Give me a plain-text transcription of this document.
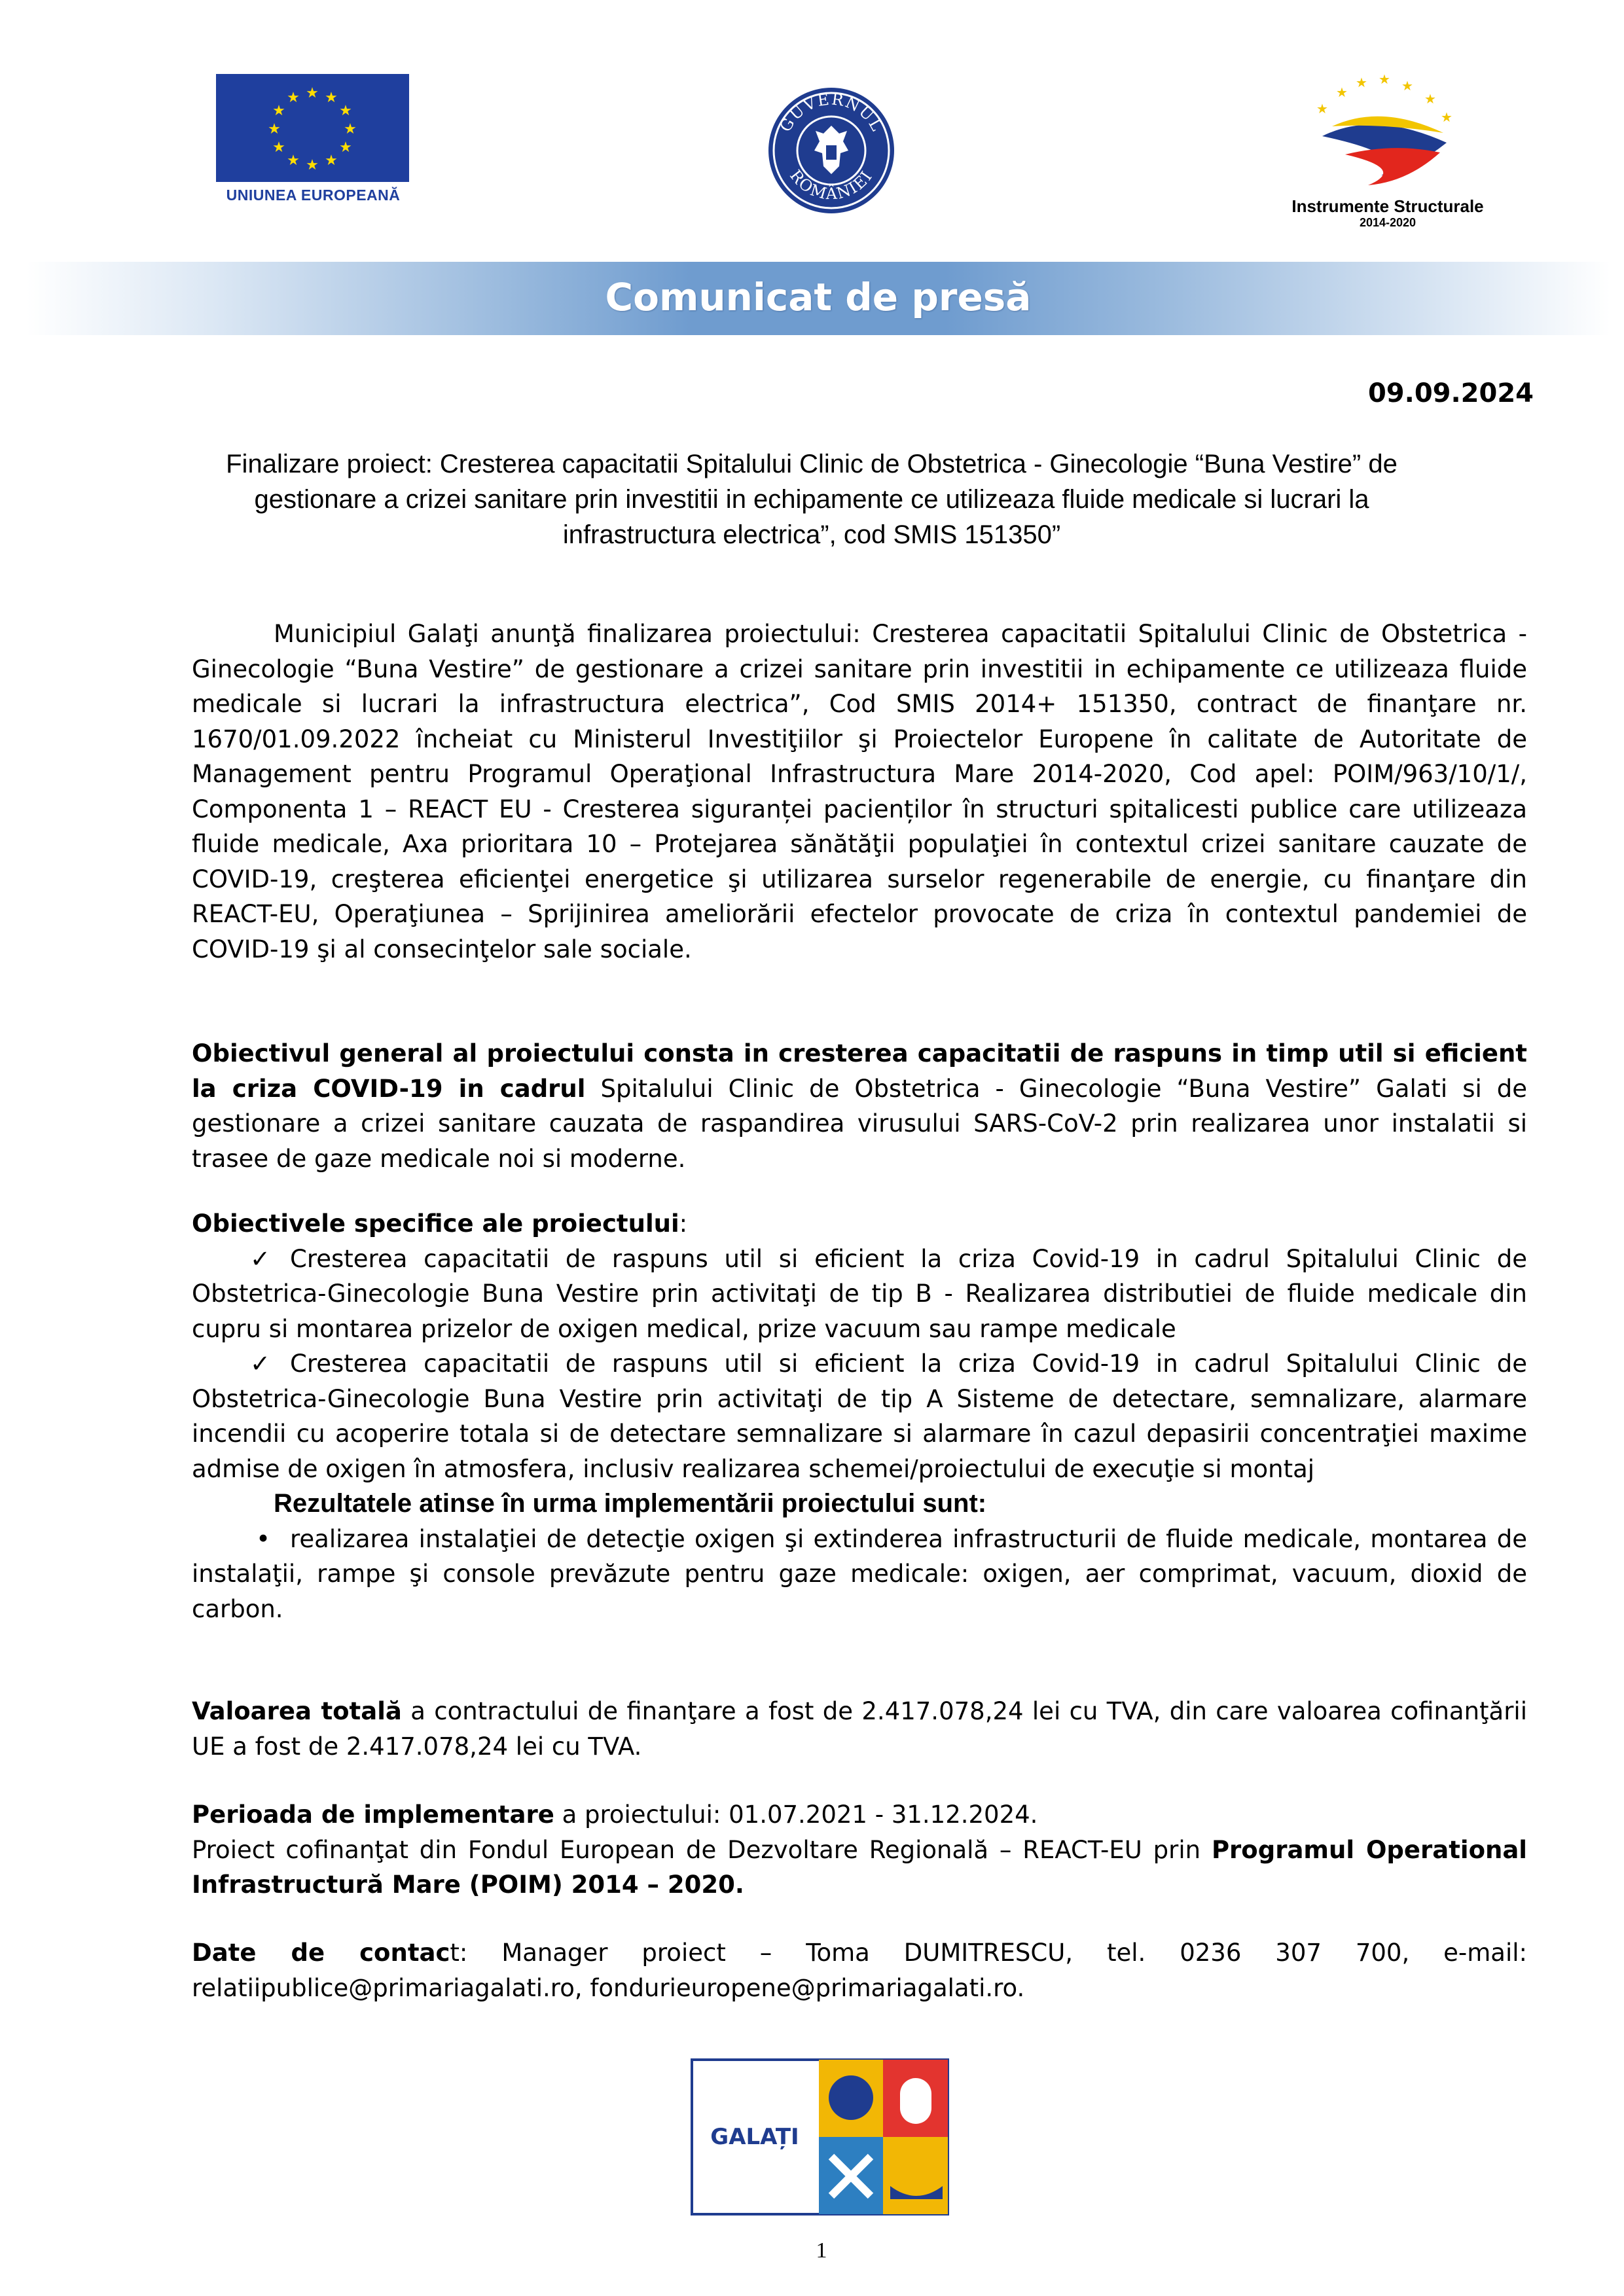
★ ★
★
★
★
★
★
★
★
★
★
★
UNIUNEA EUROPEANĂ
GUVERNUL
ROMÂNIEI
★
★ ★ ★
★
★
★
Instrumente Structurale
2014-2020
Comunicat de presă
09.09.2024
Finalizare proiect: Cresterea capacitatii Spitalului Clinic de Obstetrica - Ginecologie “Buna Vestire” de gestionare a crizei sanitare prin investitii in echipamente ce utilizeaza fluide medicale si lucrari la infrastructura electrica”, cod SMIS 151350”
Municipiul Galaţi anunţă finalizarea proiectului: Cresterea capacitatii Spitalului Clinic de Obstetrica - Ginecologie “Buna Vestire” de gestionare a crizei sanitare prin investitii in echipamente ce utilizeaza fluide medicale si lucrari la infrastructura electrica”, Cod SMIS 2014+ 151350, contract de finanţare nr. 1670/01.09.2022 încheiat cu Ministerul Investiţiilor şi Proiectelor Europene în calitate de Autoritate de Management pentru Programul Operaţional Infrastructura Mare 2014-2020, Cod apel: POIM/963/10/1/, Componenta 1 – REACT EU - Cresterea siguranței pacienților în structuri spitalicesti publice care utilizeaza fluide medicale, Axa prioritara 10 – Protejarea sănătăţii populaţiei în contextul crizei sanitare cauzate de COVID-19, creşterea eficienţei energetice şi utilizarea surselor regenerabile de energie, cu finanţare din REACT-EU, Operaţiunea – Sprijinirea ameliorării efectelor provocate de criza în contextul pandemiei de COVID-19 şi al consecinţelor sale sociale.
Obiectivul general al proiectului consta in cresterea capacitatii de raspuns in timp util si eficient la criza COVID-19 in cadrul Spitalului Clinic de Obstetrica - Ginecologie “Buna Vestire” Galati si de gestionare a crizei sanitare cauzata de raspandirea virusului SARS-CoV-2 prin realizarea unor instalatii si trasee de gaze medicale noi si moderne.
Obiectivele specifice ale proiectului:
✓ Cresterea capacitatii de raspuns util si eficient la criza Covid-19 in cadrul Spitalului Clinic de Obstetrica-Ginecologie Buna Vestire prin activitaţi de tip B - Realizarea distributiei de fluide medicale din cupru si montarea prizelor de oxigen medical, prize vacuum sau rampe medicale
✓ Cresterea capacitatii de raspuns util si eficient la criza Covid-19 in cadrul Spitalului Clinic de Obstetrica-Ginecologie Buna Vestire prin activitaţi de tip A Sisteme de detectare, semnalizare, alarmare incendii cu acoperire totala si de detectare semnalizare si alarmare în cazul depasirii concentraţiei maxime admise de oxigen în atmosfera, inclusiv realizarea schemei/proiectului de execuţie si montaj
Rezultatele atinse în urma implementării proiectului sunt:
• realizarea instalaţiei de detecţie oxigen şi extinderea infrastructurii de fluide medicale, montarea de instalaţii, rampe şi console prevăzute pentru gaze medicale: oxigen, aer comprimat, vacuum, dioxid de carbon.
Valoarea totală a contractului de finanţare a fost de 2.417.078,24 lei cu TVA, din care valoarea cofinanţării UE a fost de 2.417.078,24 lei cu TVA.
Perioada de implementare a proiectului: 01.07.2021 - 31.12.2024.
Proiect cofinanţat din Fondul European de Dezvoltare Regională – REACT-EU prin Programul Operational Infrastructură Mare (POIM) 2014 – 2020.
Date de contact: Manager proiect – Toma DUMITRESCU, tel. 0236 307 700, e-mail: relatiipublice@primariagalati.ro, fondurieuropene@primariagalati.ro.
GALAȚI
1
